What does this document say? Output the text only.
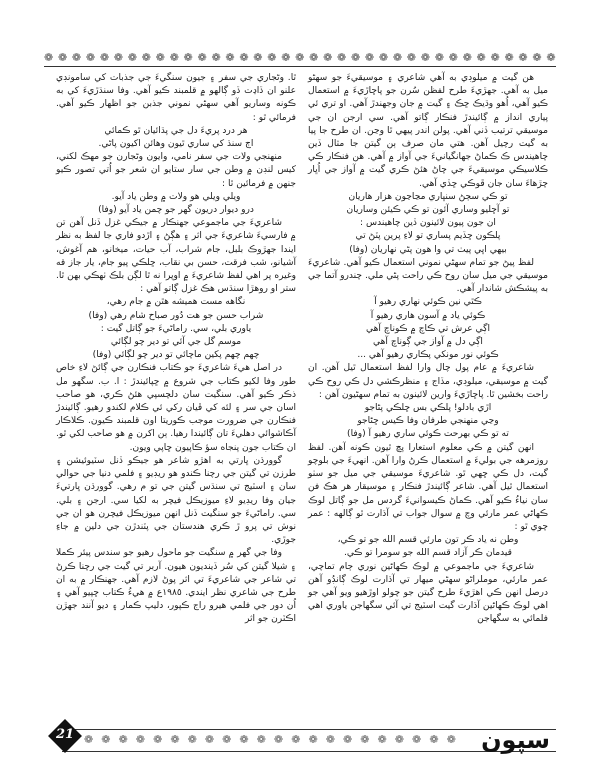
❁ ❁ ❁ ❁ ❁ ❁ ❁ ❁ ❁ ❁ ❁ ❁ ❁ ❁ ❁ ❁ ❁ ❁ ❁ ❁ ❁ ❁ ❁ ❁ ❁ ❁ ❁ ❁ ❁ ❁ ❁ ❁ ❁ ❁ ❁ ❁ ❁

هن گيت ۾ ميلوڊي به آهي شاعري ۽ موسيقيءَ جو سهڻو ميل به آهي. جهڙيءَ طرح لفظن سُرن جو پاڇاڙيءَ ۾ استعمال ڪيو آهي، اُهو وڌيڪ ڇڪ ۽ گيت ۾ جان وجهندڙ آهي. او تري ئي پياري انداز ۾ ڳائيندڙ فنڪار ڳاتو آهي. سي ارجن ان جي موسيقي ترتيب ڏني آهي. پولن اندر پيهي ٿا وڃن. ان طرح جا پيا به گيت رچيل آهن. هتي مان صرف ٻن گيتن جا مثال ڏين چاهيندس ڪ ڪماڻ جهانگيانيءَ جي آواز ۾ آهي. هن فنڪار ڪي ڪلاسيڪي موسيقيءَ جي چاڻ هئڻ ڪري گيت ۾ آواز جي اُڀار چڙهاءَ سان جان ڦوڪي ڇڏي آهي.

تو ڪي سڄڻ سنڀاري مڃاڃون هزار هاريان

تو آڇليو وساري آئون تو ڪي ڪيئن وساريان

ان جون پيون لائينون ڏين چاهيندس :

پلڪون ڇڏيم پساري تو لاءِ پرين پٽڻ تي

بيهي اڀي پيٺ تي وا هون پڻي نهاريان (وفا)

لفظ پيڻ جو تمام سهڻي نموني استعمال ڪيو آهي. شاعريءَ موسيقي جي ميل سان روح ڪي راحت پڻي ملي. چندرو آتما جي به پيشڪش شاندار آهي.

ڪٿي نين ڪوئي نهاري رهيو آ

ڪوئي ياد ۾ آسون هاري رهيو آ

اڳي عرش تي ڪاچ ۾ ڪوناچ آهي

اڳي دل ۾ آواز جي ڳوناچ آهي

ڪوئي نور مونکي پڪاري رهيو آهي ...

شاعريءَ ۾ عام پول چال وارا لفظ استعمال ٿيل آهن. ان گيت ۾ موسيقي، ميلوڊي، مڏاج ۽ منظرڪشي دل ڪي روح ڪي راحت بخشين ٿا. پاڇاڙيءَ وارين لائينون به تمام سهڻيون آهن :

اڙي بادلو! پلڪي بس ڇلڪي پڻاجو

وڃي منهنجي طرفان وفا ڪيس ڇڻاجو

ته تو ڪي بهرحت ڪوئي ساري رهيو آ (وفا)

انهن گيتن ۾ ڪي معلوم استعارا پچ ٿيون ڪونه آهن. لفظ روزمرهه جي بوليءَ ۾ استعمال ڪرڻ وارا آهن. انهيءَ جي بلوچو گيت، دل ڪي ڇهي ٿو. شاعريءَ موسيقي جي ميل جو سٺو استعمال ٿيل آهي. شاعر ڳائيندڙ فنڪار ۽ موسيقار هر هڪ فن سان نياءُ ڪيو آهي. ڪماڻ ڪيسوانيءَ گردس مل جو ڳاتل لوڪ ڪهاڻي عمر مارئي وچ ۾ سوال جواب تي آڌارت ٿو ڳالهه : عمر چوي ٿو :

وطن نه ياد ڪر تون مارئي قسم الله جو تو ڪي،

قيدمان ڪر آزاد قسم الله جو سومرا تو ڪي.

شاعريءَ جي ماجموعي ۾ لوڪ ڪهاڻين نوري ڄام تماچي، عمر مارئي، موملراڻو سهڻي ميهار تي آڌارت لوڪ ڳانڊُو آهن درصل انهن ڪي اهڙيءَ طرح گيتن جو چولو اوڙهيو ويو آهي جو اهي لوڪ ڪهاڻين آڌارت گيت اسٽيج تي آئي سگهاجن ياوري اهي فلمائي به سگهاجن

ٿا. وڻجاري جي سفر ۽ جيون سنگيءَ جي جذبات کي سامونڊي علنو ان ڏاڍت ڏو ڳالهو ۾ قلمبند ڪيو آهي. وفا سنڌڙيءَ کي به ڪونه وساريو آهي سهڻي نموني جذبن جو اظهار ڪيو آهي. فرمائي ٿو :

هر درد پريءَ دل جي پڌائيان ٿو ڪمائي

اڄ سنڌ کي ساري ٿيون وهائن اکيون پاڻي.

منهنجي ولات جي سفر نامي، وايون وڻجارن جو مهڪ لکني، کيس لنڊن ۾ وطن جي سار ستايو ان شعر جو اُتي تصور ڪيو جنهن ۾ فرمائين ٿا :

ويلي ويلي هو ولات ۾ وطن ياد آيو.

درو ديوار دريون گهر جو چمن ياد آيو (وفا)

شاعريءَ جي ماجموعي جهنڪار ۾ جيڪي غزل ڏنل آهن تن ۾ فارسيءَ شاعريءَ جي اثر ۽ هڳڻ ۽ اڙدو فاري جا لفظ به نظر ايندا جهڙوڪ بلبل، جام شراب، آب حيات، ميخانو، هم آغوش، آشيانو، شب فرقت، حسن بي نقاب، ڇلڪي پيو جام، يار جاز قه وغيره پر اهي لفظ شاعريءَ ۾ اوپرا نه ٿا لڳن بلڪ ٺهڪي بهن ٿا. ستر او روهڙا سنڌس هڪ غزل ڳاتو آهي :

نگاهه مست هميشه هٿن ۾ جام رهي،

شراب حسن جو هت دُور صباح شام رهي (وفا)

ياوري بلي، سي. راماڻيءَ جو ڳاتل گيت :

موسم گل جي آئي تو دير چو لڳائي

چهم چهم پکين ماچائي تو دير چو لڳائي (وفا)

در اصل هيءَ شاعريءَ جو ڪتاب فنڪارن جي ڳائڻ لاءِ خاص طور وفا لکيو ڪتاب جي شروع ۾ ڇپائيندڙ : ا. ب. سگهو مل ذڪر ڪيو آهي. سنگيت سان دلچسپي هئڻ ڪري، هو صاحب اسان جي سر ۽ لئه کي ڦيان رکي ئي ڪلام لکندو رهيو. ڳائيندڙ فنڪارن جي ضرورت موجب ڪوريتا اون قلمبند ڪيون. ڪلاڪار آڪاشوائي دهليءَ تان ڳائيندا رهيا. ٻن اکرن ۾ هو صاحب لکي ٿو. ان ڪتاب جون پنجاه سؤ ڪاپيون ڇاپي ويون.

گوورڌن ڀارتي به اهڙو شاعر هو جيڪو ڏنل سٽيوئيشن ۽ طرزن تي گيتن جي رچنا ڪندو هو ريڊيو ۽ فلمي دنيا جي حوالي سان ۽ اسٽيج تي سنڌس گيتن جي تو م رهي. گوورڌن ڀارتيءَ جيان وفا ريڊيو لاءِ ميوزيڪل فيچر به لکيا سي. ارجن ۽ بلي. سي. راماڻيءَ جو سنگيت ڏنل انهن ميوزيڪل فيچرن هو ان جي نوش تي پرو ڙ ڪري هندستان جي پٽندڙن جي دلين ۾ جاءِ جوڙي.

وفا جي گهر ۾ سنگيت جو ماحول رهيو جو سندس پيئر ڪملا ۽ شيلا گيتن کي سُر ڏينديون هيون. آربر تي گيت جي رچنا ڪرڻ تي شاعر جي شاعريءَ تي اثر پوڻ لازم آهي. جهنڪار ۾ به ان طرح جي شاعري نظر ايندي. ١٩٨٥ع ۾ هيءُ ڪتاب ڇپيو آهي ۽ اُن دور جي فلمي هيرو راج ڪپور، دليپ ڪمار ۽ ديو آنند جهڙن اڪٽرن جو اثر

❁ ❁ ❁ ❁ ❁ ❁ ❁ ❁ ❁ ❁ ❁ ❁ ❁ ❁ ❁ ❁ ❁ ❁ ❁ ❁ ❁ ❁
21	سپون
